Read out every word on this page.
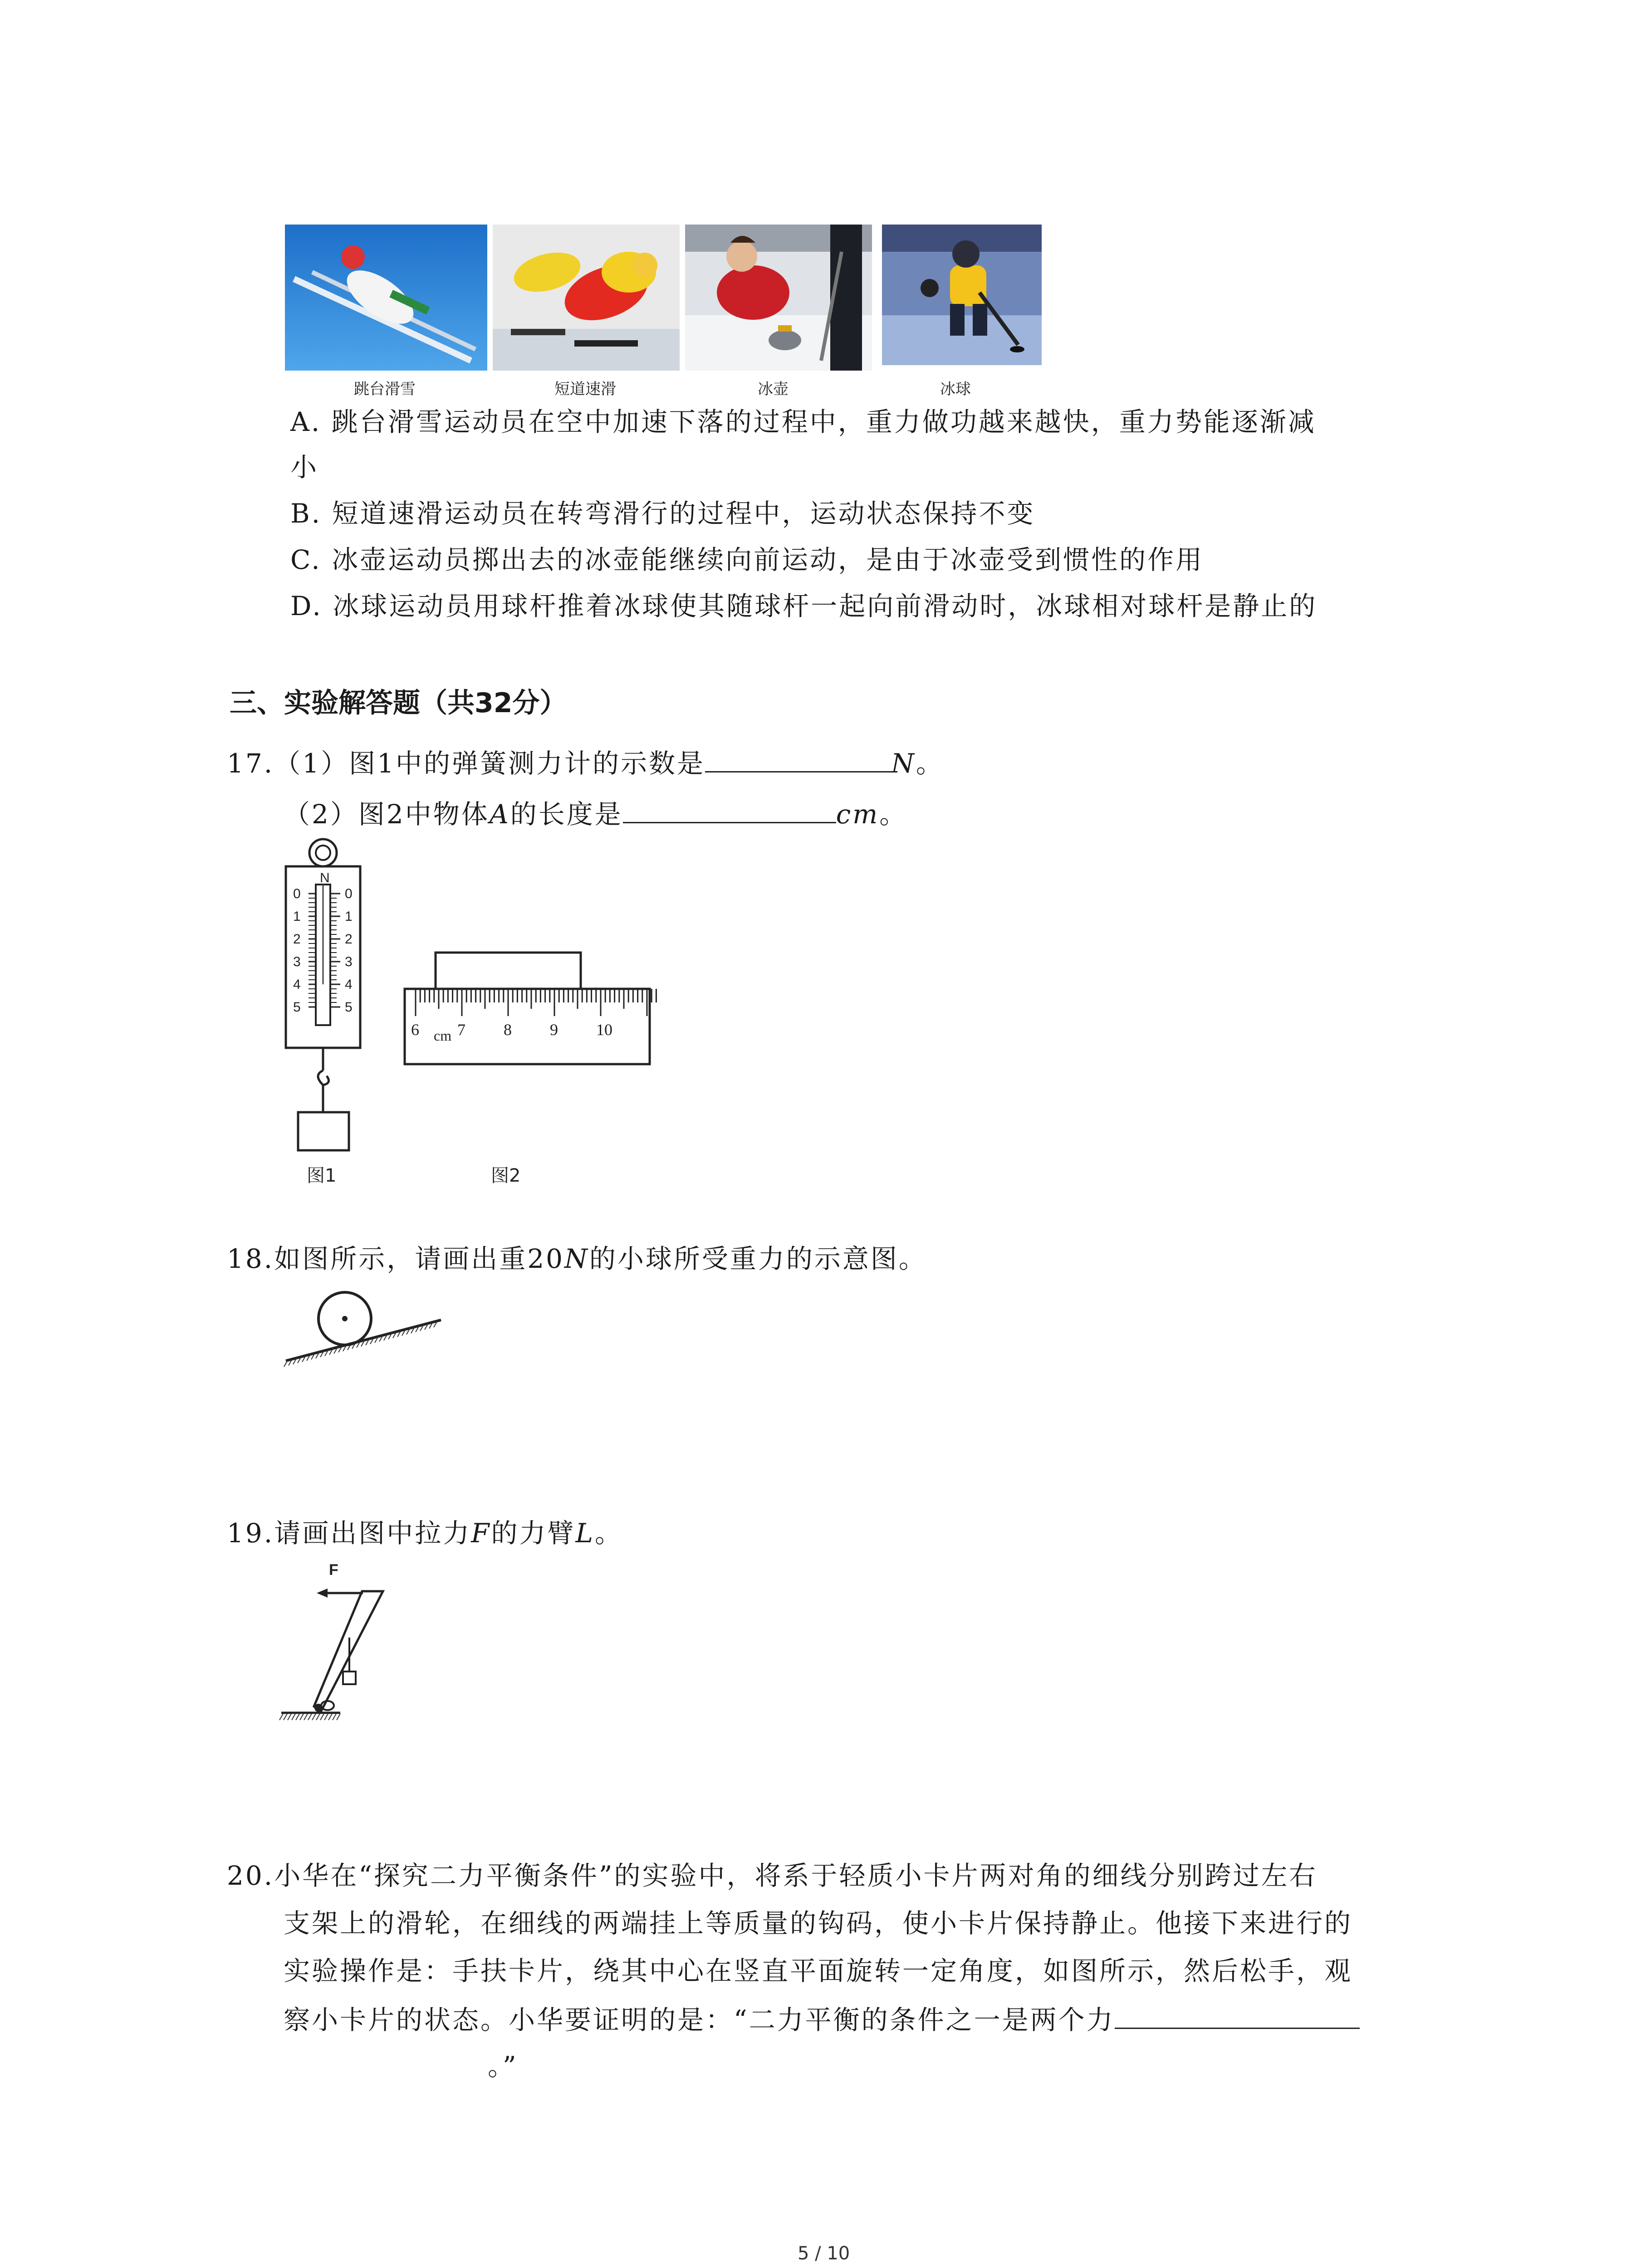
跳台滑雪	短道速滑	冰壶	冰球
A. 跳台滑雪运动员在空中加速下落的过程中，重力做功越来越快，重力势能逐渐减
小
B. 短道速滑运动员在转弯滑行的过程中，运动状态保持不变
C. 冰壶运动员掷出去的冰壶能继续向前运动，是由于冰壶受到惯性的作用
D. 冰球运动员用球杆推着冰球使其随球杆一起向前滑动时，冰球相对球杆是静止的
三、实验解答题（共32分）
17.（1）图1中的弹簧测力计的示数是	N。
（2）图2中物体A的长度是	cm。
N
0	0
1	1
2	2
3	3
4	4
5	5
图1
6 7 8 9 10
cm
图2
18.如图所示，请画出重20N的小球所受重力的示意图。
19.请画出图中拉力F的力臂L。
F
20.小华在“探究二力平衡条件”的实验中，将系于轻质小卡片两对角的细线分别跨过左右
支架上的滑轮，在细线的两端挂上等质量的钩码，使小卡片保持静止。他接下来进行的
实验操作是：手扶卡片，绕其中心在竖直平面旋转一定角度，如图所示，然后松手，观
察小卡片的状态。小华要证明的是：“二力平衡的条件之一是两个力
。”
5 / 10
